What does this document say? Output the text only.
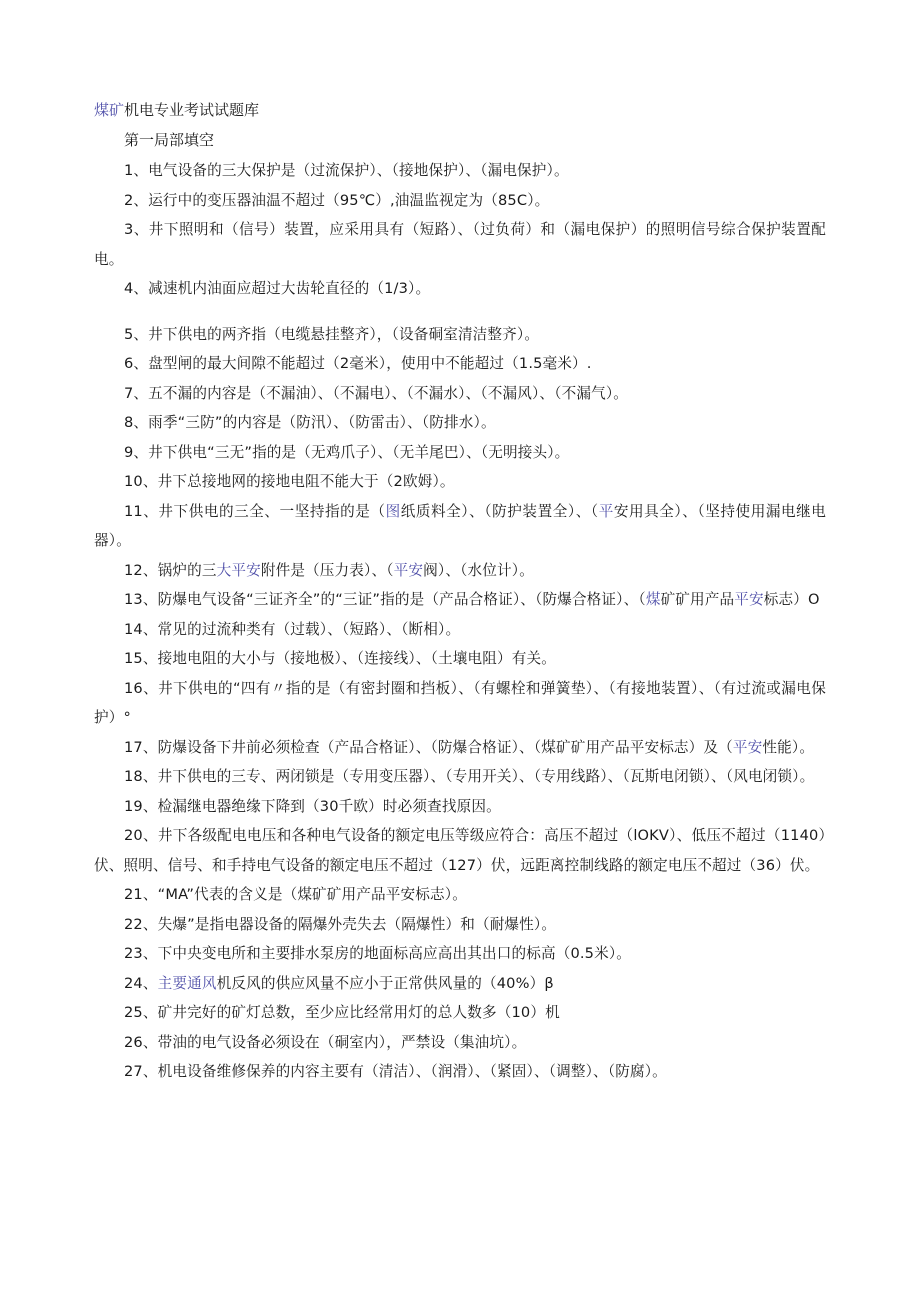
煤矿机电专业考试试题库
第一局部填空

1、电气设备的三大保护是（过流保护）、（接地保护）、（漏电保护）。

2、运行中的变压器油温不超过（95℃）,油温监视定为（85C）。

3、井下照明和（信号）装置，应采用具有（短路）、（过负荷）和（漏电保护）的照明信号综合保护装置配电。

4、减速机内油面应超过大齿轮直径的（1/3）。

5、井下供电的两齐指（电缆悬挂整齐），（设备硐室清洁整齐）。

6、盘型闸的最大间隙不能超过（2毫米），使用中不能超过（1.5毫米）.

7、五不漏的内容是（不漏油）、（不漏电）、（不漏水）、（不漏风）、（不漏气）。

8、雨季“三防”的内容是（防汛）、（防雷击）、（防排水）。

9、井下供电“三无”指的是（无鸡爪子）、（无羊尾巴）、（无明接头）。

10、井下总接地网的接地电阻不能大于（2欧姆）。

11、井下供电的三全、一坚持指的是（图纸质料全）、（防护装置全）、（平安用具全）、（坚持使用漏电继电器）。

12、锅炉的三大平安附件是（压力表）、（平安阀）、（水位计）。

13、防爆电气设备“三证齐全”的“三证”指的是（产品合格证）、（防爆合格证）、（煤矿矿用产品平安标志）O

14、常见的过流种类有（过载）、（短路）、（断相）。

15、接地电阻的大小与（接地极）、（连接线）、（土壤电阻）有关。

16、井下供电的“四有〃指的是（有密封圈和挡板）、（有螺栓和弹簧垫）、（有接地装置）、（有过流或漏电保护）°

17、防爆设备下井前必须检查（产品合格证）、（防爆合格证）、（煤矿矿用产品平安标志）及（平安性能）。

18、井下供电的三专、两闭锁是（专用变压器）、（专用开关）、（专用线路）、（瓦斯电闭锁）、（风电闭锁）。

19、检漏继电器绝缘下降到（30千欧）时必须查找原因。

20、井下各级配电电压和各种电气设备的额定电压等级应符合：高压不超过（lOKV）、低压不超过（1140）伏、照明、信号、和手持电气设备的额定电压不超过（127）伏，远距离控制线路的额定电压不超过（36）伏。

21、“MA”代表的含义是（煤矿矿用产品平安标志）。

22、失爆”是指电器设备的隔爆外壳失去（隔爆性）和（耐爆性）。

23、下中央变电所和主要排水泵房的地面标高应高出其出口的标高（0.5米）。

24、主要通风机反风的供应风量不应小于正常供风量的（40%）β

25、矿井完好的矿灯总数，至少应比经常用灯的总人数多（10）机

26、带油的电气设备必须设在（硐室内），严禁设（集油坑）。

27、机电设备维修保养的内容主要有（清洁）、（润滑）、（紧固）、（调整）、（防腐）。
